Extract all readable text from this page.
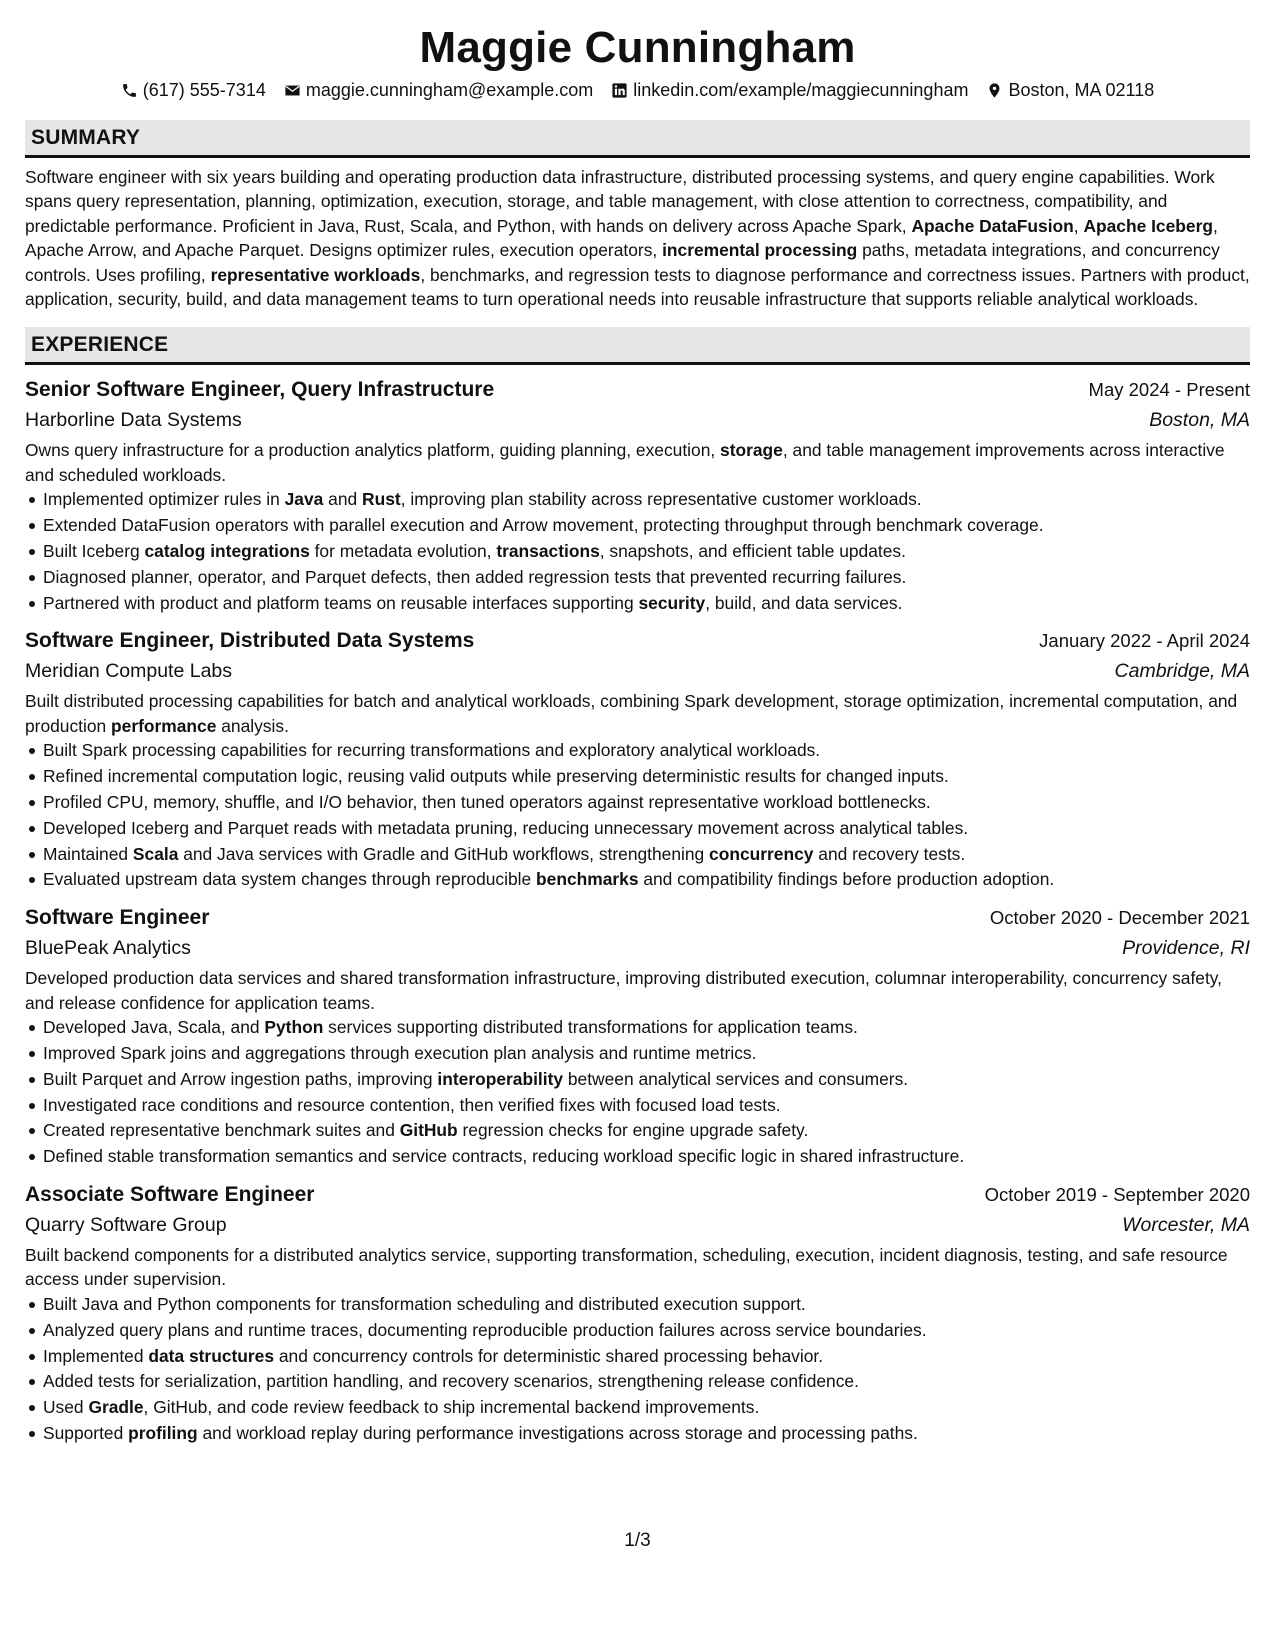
Maggie Cunningham
(617) 555-7314 maggie.cunningham@example.com linkedin.com/example/maggiecunningham Boston, MA 02118
SUMMARY

Software engineer with six years building and operating production data infrastructure, distributed processing systems, and query engine capabilities. Work spans query representation, planning, optimization, execution, storage, and table management, with close attention to correctness, compatibility, and predictable performance. Proficient in Java, Rust, Scala, and Python, with hands on delivery across Apache Spark, Apache DataFusion, Apache Iceberg, Apache Arrow, and Apache Parquet. Designs optimizer rules, execution operators, incremental processing paths, metadata integrations, and concurrency controls. Uses profiling, representative workloads, benchmarks, and regression tests to diagnose performance and correctness issues. Partners with product, application, security, build, and data management teams to turn operational needs into reusable infrastructure that supports reliable analytical workloads.

EXPERIENCE
Senior Software Engineer, Query Infrastructure	May 2024 - Present
Harborline Data Systems	Boston, MA

Owns query infrastructure for a production analytics platform, guiding planning, execution, storage, and table management improvements across interactive and scheduled workloads.

Implemented optimizer rules in Java and Rust, improving plan stability across representative customer workloads.
Extended DataFusion operators with parallel execution and Arrow movement, protecting throughput through benchmark coverage.
Built Iceberg catalog integrations for metadata evolution, transactions, snapshots, and efficient table updates.
Diagnosed planner, operator, and Parquet defects, then added regression tests that prevented recurring failures.
Partnered with product and platform teams on reusable interfaces supporting security, build, and data services.
Software Engineer, Distributed Data Systems	January 2022 - April 2024
Meridian Compute Labs	Cambridge, MA

Built distributed processing capabilities for batch and analytical workloads, combining Spark development, storage optimization, incremental computation, and production performance analysis.

Built Spark processing capabilities for recurring transformations and exploratory analytical workloads.
Refined incremental computation logic, reusing valid outputs while preserving deterministic results for changed inputs.
Profiled CPU, memory, shuffle, and I/O behavior, then tuned operators against representative workload bottlenecks.
Developed Iceberg and Parquet reads with metadata pruning, reducing unnecessary movement across analytical tables.
Maintained Scala and Java services with Gradle and GitHub workflows, strengthening concurrency and recovery tests.
Evaluated upstream data system changes through reproducible benchmarks and compatibility findings before production adoption.
Software Engineer	October 2020 - December 2021
BluePeak Analytics	Providence, RI

Developed production data services and shared transformation infrastructure, improving distributed execution, columnar interoperability, concurrency safety, and release confidence for application teams.

Developed Java, Scala, and Python services supporting distributed transformations for application teams.
Improved Spark joins and aggregations through execution plan analysis and runtime metrics.
Built Parquet and Arrow ingestion paths, improving interoperability between analytical services and consumers.
Investigated race conditions and resource contention, then verified fixes with focused load tests.
Created representative benchmark suites and GitHub regression checks for engine upgrade safety.
Defined stable transformation semantics and service contracts, reducing workload specific logic in shared infrastructure.
Associate Software Engineer	October 2019 - September 2020
Quarry Software Group	Worcester, MA

Built backend components for a distributed analytics service, supporting transformation, scheduling, execution, incident diagnosis, testing, and safe resource access under supervision.

Built Java and Python components for transformation scheduling and distributed execution support.
Analyzed query plans and runtime traces, documenting reproducible production failures across service boundaries.
Implemented data structures and concurrency controls for deterministic shared processing behavior.
Added tests for serialization, partition handling, and recovery scenarios, strengthening release confidence.
Used Gradle, GitHub, and code review feedback to ship incremental backend improvements.
Supported profiling and workload replay during performance investigations across storage and processing paths.
1/3
